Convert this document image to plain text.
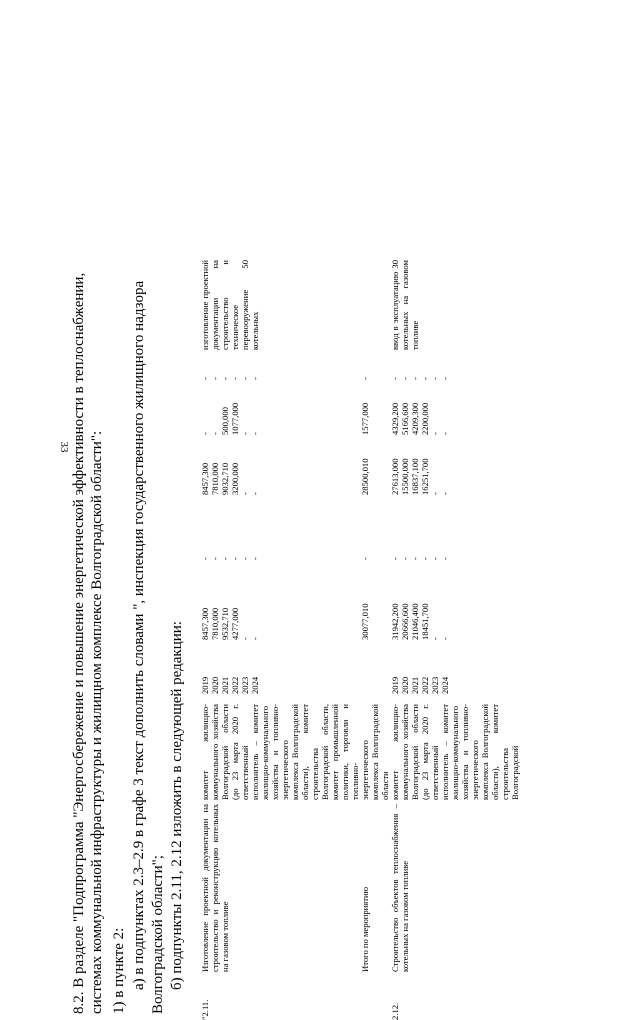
33 8.2. В разделе "Подпрограмма "Энергосбережение и повышение энергетической эффективности в теплоснабжении, системах коммунальной инфраструктуры и жилищном комплексе Волгоградской области": 1) в пункте 2: а) в подпунктах 2.3–2.9 в графе 3 текст дополнить словами ", инспекция государственного жилищного надзора Волгоградской области"; б) подпункты 2.11, 2.12 изложить в следующей редакции:
"2.11.
Изготовление проектной документации на строительство и реконструкцию котельных на газовом топливе
комитет жилищно-коммунального хозяйства Волгоградской области (до 23 марта 2020 г. ответственный исполнитель – комитет жилищно-коммунального хозяйства и топливно-энергетического комплекса Волгоградской области), комитет строительства Волгоградской области, комитет промышленной политики, торговли и топливно-энергетического комплекса Волгоградской области
2019 2020 2021 2022 2023 2024
8457,300 7810,000 9532,710 4277,000 - -
- - - - - -
8457,300 7810,000 9032,710 3200,000 - -
- - 500,000 1077,000 - -
- - - - - -
изготовление проектной документации на строительство и техническое перевооружение 50 котельных
Итого по мероприятию
30077,010
-
28500,010
1577,000
-
2.12.
Строительство объектов теплоснабжения – котельных на газовом топливе
комитет жилищно-коммунального хозяйства Волгоградской области (до 23 марта 2020 г. ответственный исполнитель – комитет жилищно-коммунального хозяйства и топливно-энергетического комплекса Волгоградской области), комитет строительства Волгоградской
2019 2020 2021 2022 2023 2024
31942,200 20666,600 21046,400 18451,700 - -
- - - - - -
27613,000 15500,000 16837,100 16251,700 - -
4329,200 5166,600 4209,300 2200,000 - -
- - - - - -
ввод в эксплуатацию 30 котельных на газовом топливе
